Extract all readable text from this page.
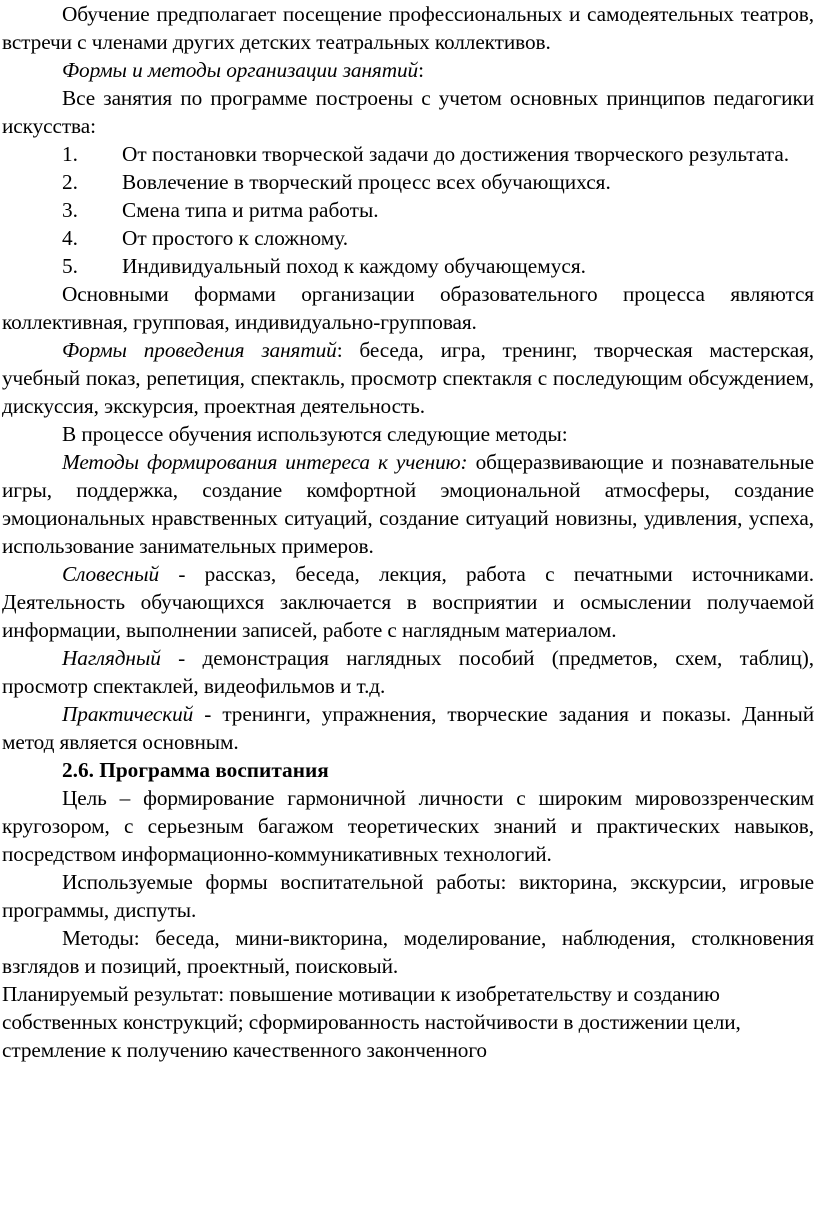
Обучение предполагает посещение профессиональных и самодеятельных театров, встречи с членами других детских театральных коллективов.

Формы и методы организации занятий:

Все занятия по программе построены с учетом основных принципов педагогики искусства:

1. От постановки творческой задачи до достижения творческого результата.

2. Вовлечение в творческий процесс всех обучающихся.

3. Смена типа и ритма работы.

4. От простого к сложному.

5. Индивидуальный поход к каждому обучающемуся.

Основными формами организации образовательного процесса являются коллективная, групповая, индивидуально-групповая.

Формы проведения занятий: беседа, игра, тренинг, творческая мастерская, учебный показ, репетиция, спектакль, просмотр спектакля с последующим обсуждением, дискуссия, экскурсия, проектная деятельность.

В процессе обучения используются следующие методы:

Методы формирования интереса к учению: общеразвивающие и познавательные игры, поддержка, создание комфортной эмоциональной атмосферы, создание эмоциональных нравственных ситуаций, создание ситуаций новизны, удивления, успеха, использование занимательных примеров.

Словесный - рассказ, беседа, лекция, работа с печатными источниками. Деятельность обучающихся заключается в восприятии и осмыслении получаемой информации, выполнении записей, работе с наглядным материалом.

Наглядный - демонстрация наглядных пособий (предметов, схем, таблиц), просмотр спектаклей, видеофильмов и т.д.

Практический - тренинги, упражнения, творческие задания и показы. Данный метод является основным.

2.6. Программа воспитания

Цель – формирование гармоничной личности с широким мировоззренческим кругозором, с серьезным багажом теоретических знаний и практических навыков, посредством информационно-коммуникативных технологий.

Используемые формы воспитательной работы: викторина, экскурсии, игровые программы, диспуты.

Методы: беседа, мини-викторина, моделирование, наблюдения, столкновения взглядов и позиций, проектный, поисковый.

Планируемый результат: повышение мотивации к изобретательству и созданию собственных конструкций; сформированность настойчивости в достижении цели, стремление к получению качественного законченного
